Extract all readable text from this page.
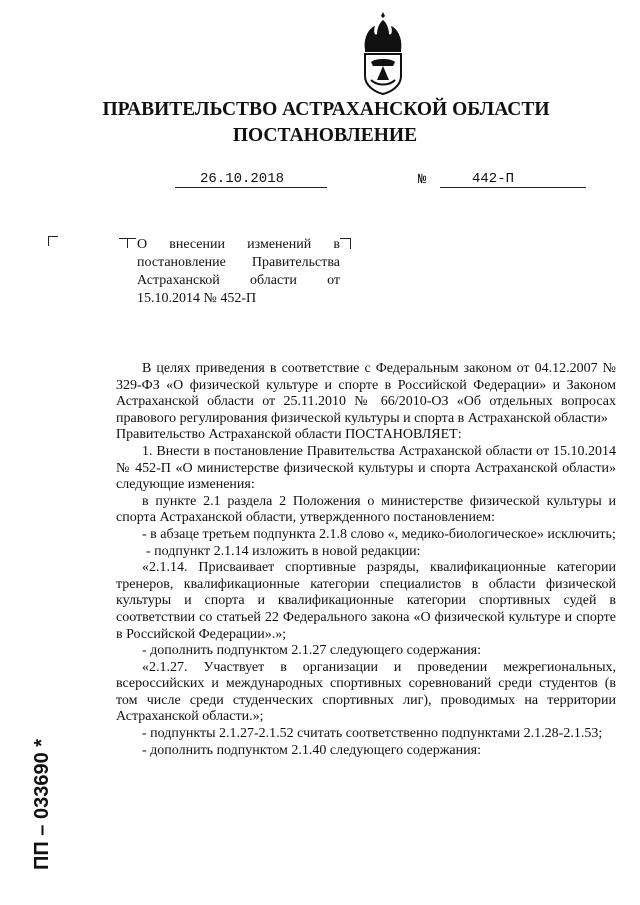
ПРАВИТЕЛЬСТВО АСТРАХАНСКОЙ ОБЛАСТИ
ПОСТАНОВЛЕНИЕ
26.10.2018	№	442-П
О внесении изменений в
постановление Правительства
Астраханской области от
15.10.2014 № 452-П

В целях приведения в соответствие с Федеральным законом от 04.12.2007 № 329-ФЗ «О физической культуре и спорте в Российской Федерации» и Законом Астраханской области от 25.11.2010 № 66/2010-ОЗ «Об отдельных вопросах правового регулирования физической культуры и спорта в Астраханской области»

Правительство Астраханской области ПОСТАНОВЛЯЕТ:

1. Внести в постановление Правительства Астраханской области от 15.10.2014 № 452-П «О министерстве физической культуры и спорта Астраханской области» следующие изменения:

в пункте 2.1 раздела 2 Положения о министерстве физической культуры и спорта Астраханской области, утвержденного постановлением:

- в абзаце третьем подпункта 2.1.8 слово «, медико-биологическое» исключить;

- подпункт 2.1.14 изложить в новой редакции:

«2.1.14. Присваивает спортивные разряды, квалификационные категории тренеров, квалификационные категории специалистов в области физической культуры и спорта и квалификационные категории спортивных судей в соответствии со статьей 22 Федерального закона «О физической культуре и спорте в Российской Федерации».»;

- дополнить подпунктом 2.1.27 следующего содержания:

«2.1.27. Участвует в организации и проведении межрегиональных, всероссийских и международных спортивных соревнований среди студентов (в том числе среди студенческих спортивных лиг), проводимых на территории Астраханской области.»;

- подпункты 2.1.27-2.1.52 считать соответственно подпунктами 2.1.28-2.1.53;

- дополнить подпунктом 2.1.40 следующего содержания:

ПП – 033690 *
